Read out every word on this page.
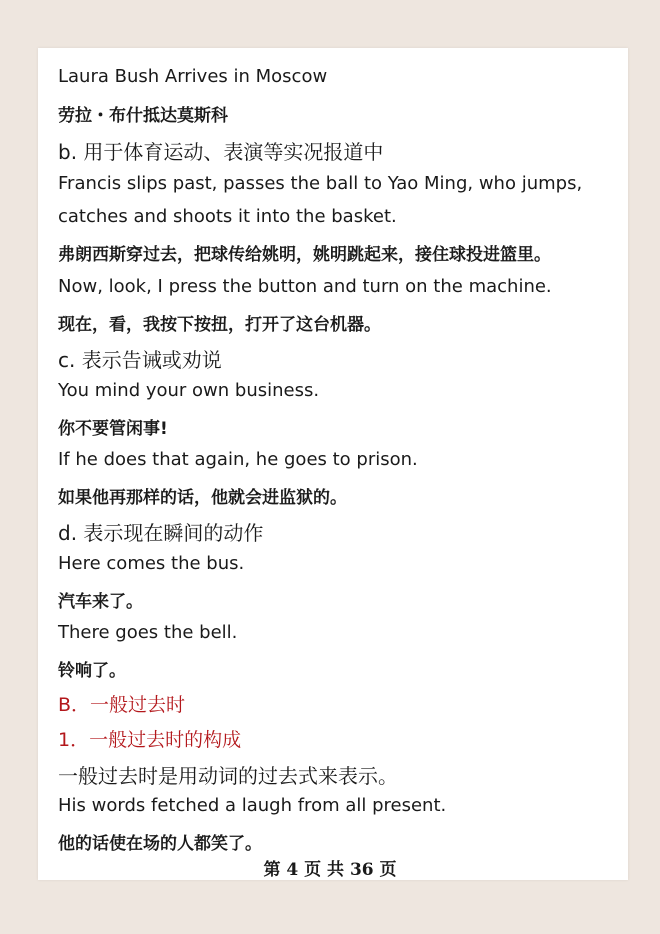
Laura Bush Arrives in Moscow
劳拉・布什抵达莫斯科
b. 用于体育运动、表演等实况报道中
Francis slips past, passes the ball to Yao Ming, who jumps,
catches and shoots it into the basket.
弗朗西斯穿过去，把球传给姚明，姚明跳起来，接住球投进篮里。
Now, look, I press the button and turn on the machine.
现在，看，我按下按扭，打开了这台机器。
c. 表示告诫或劝说
You mind your own business.
你不要管闲事!
If he does that again, he goes to prison.
如果他再那样的话，他就会进监狱的。
d. 表示现在瞬间的动作
Here comes the bus.
汽车来了。
There goes the bell.
铃响了。
B．一般过去时
1．一般过去时的构成
一般过去时是用动词的过去式来表示。
His words fetched a laugh from all present.
他的话使在场的人都笑了。
第 4 页 共 36 页
